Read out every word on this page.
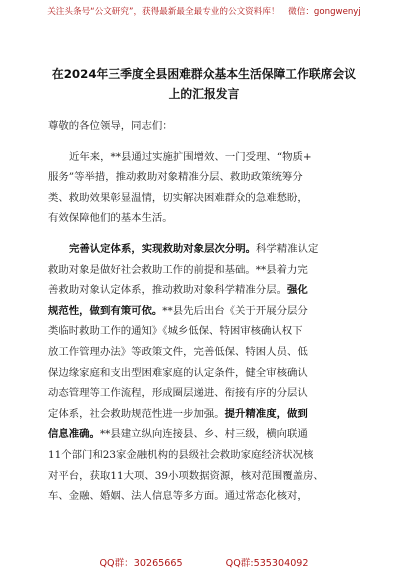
关注头条号“公文研究”，获得最新最全最专业的公文资料库！　微信：gongwenyj
在2024年三季度全县困难群众基本生活保障工作联席会议
上的汇报发言

尊敬的各位领导，同志们：

近年来，**县通过实施扩围增效、一门受理、“物质+
服务”等举措，推动救助对象精准分层、救助政策统筹分
类、救助效果彰显温情，切实解决困难群众的急难愁盼，
有效保障他们的基本生活。

完善认定体系，实现救助对象层次分明。科学精准认定
救助对象是做好社会救助工作的前提和基础。**县着力完
善救助对象认定体系，推动救助对象科学精准分层。强化
规范性，做到有策可依。**县先后出台《关于开展分层分
类临时救助工作的通知》《城乡低保、特困审核确认权下
放工作管理办法》等政策文件，完善低保、特困人员、低
保边缘家庭和支出型困难家庭的认定条件，健全审核确认
动态管理等工作流程，形成圈层递进、衔接有序的分层认
定体系，社会救助规范性进一步加强。提升精准度，做到
信息准确。**县建立纵向连接县、乡、村三级，横向联通
11个部门和23家金融机构的县级社会救助家庭经济状况核
对平台，获取11大项、39小项数据资源，核对范围覆盖房、
车、金融、婚姻、法人信息等多方面。通过常态化核对，

QQ群：30265665	QQ群:535304092
